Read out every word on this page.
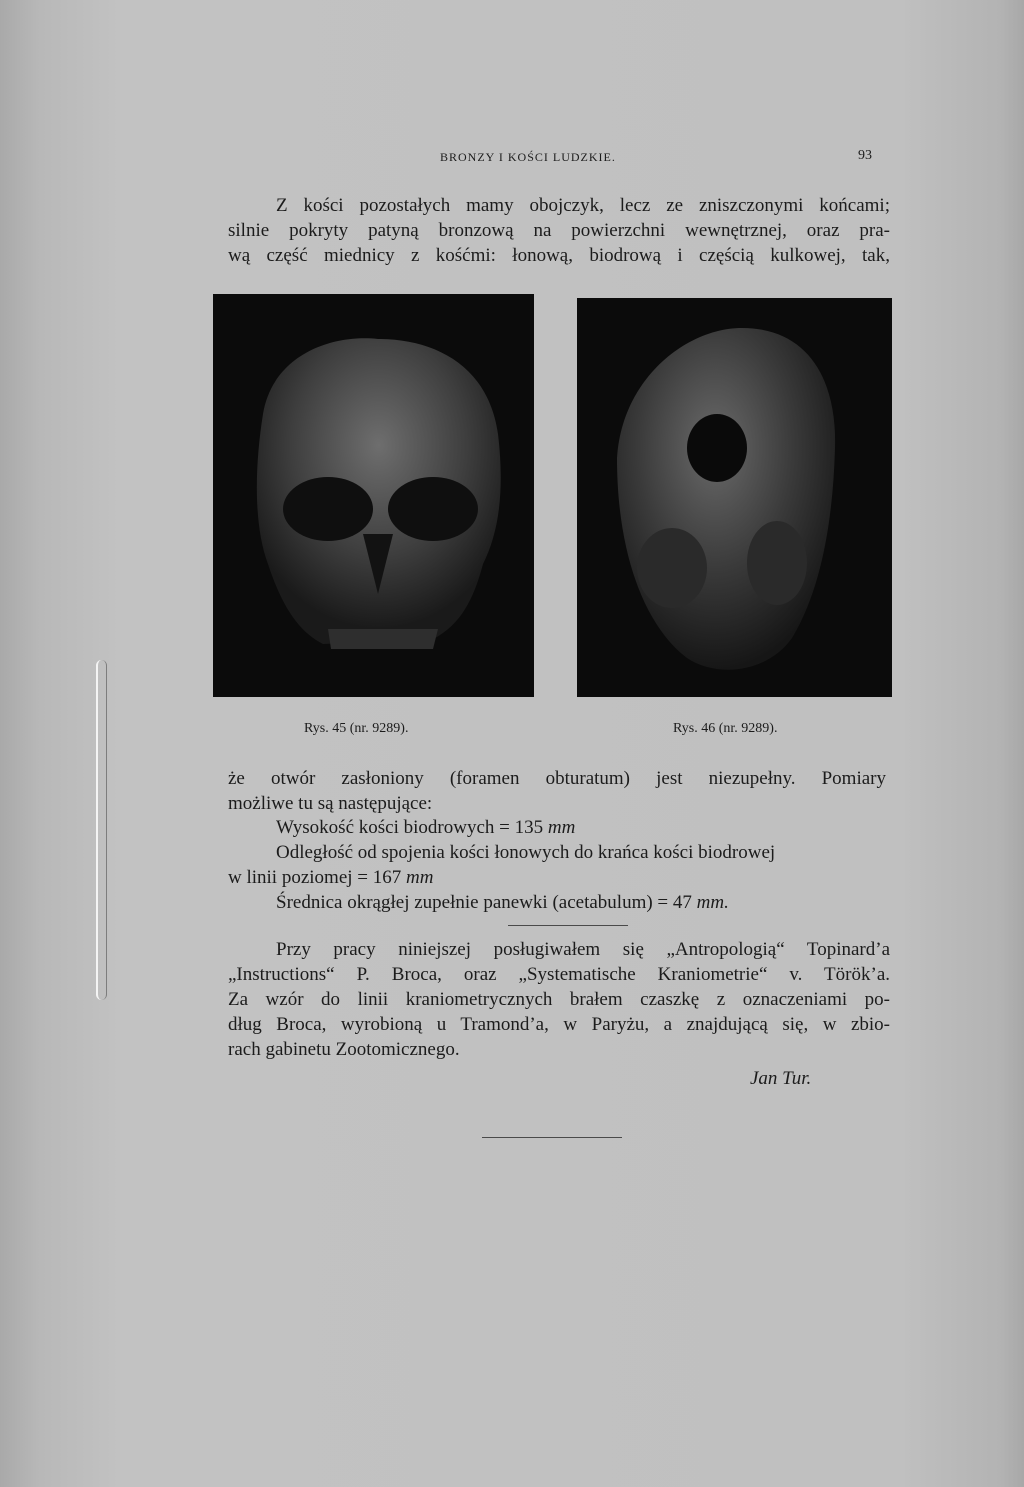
BRONZY I KOŚCI LUDZKIE.	93
Z kości pozostałych mamy obojczyk, lecz ze zniszczonymi końcami;
silnie pokryty patyną bronzową na powierzchni wewnętrznej, oraz pra-
wą część miednicy z kośćmi: łonową, biodrową i częścią kulkowej, tak,
Rys. 45 (nr. 9289).	Rys. 46 (nr. 9289).
że otwór zasłoniony (foramen obturatum) jest niezupełny. Pomiary
możliwe tu są następujące:
Wysokość kości biodrowych = 135 mm
Odległość od spojenia kości łonowych do krańca kości biodrowej
w linii poziomej = 167 mm
Średnica okrągłej zupełnie panewki (acetabulum) = 47 mm.
Przy pracy niniejszej posługiwałem się „Antropologią“ Topinard’a
„Instructions“ P. Broca, oraz „Systematische Kraniometrie“ v. Török’a.
Za wzór do linii kraniometrycznych brałem czaszkę z oznaczeniami po-
dług Broca, wyrobioną u Tramond’a, w Paryżu, a znajdującą się, w zbio-
rach gabinetu Zootomicznego.
Jan Tur.
